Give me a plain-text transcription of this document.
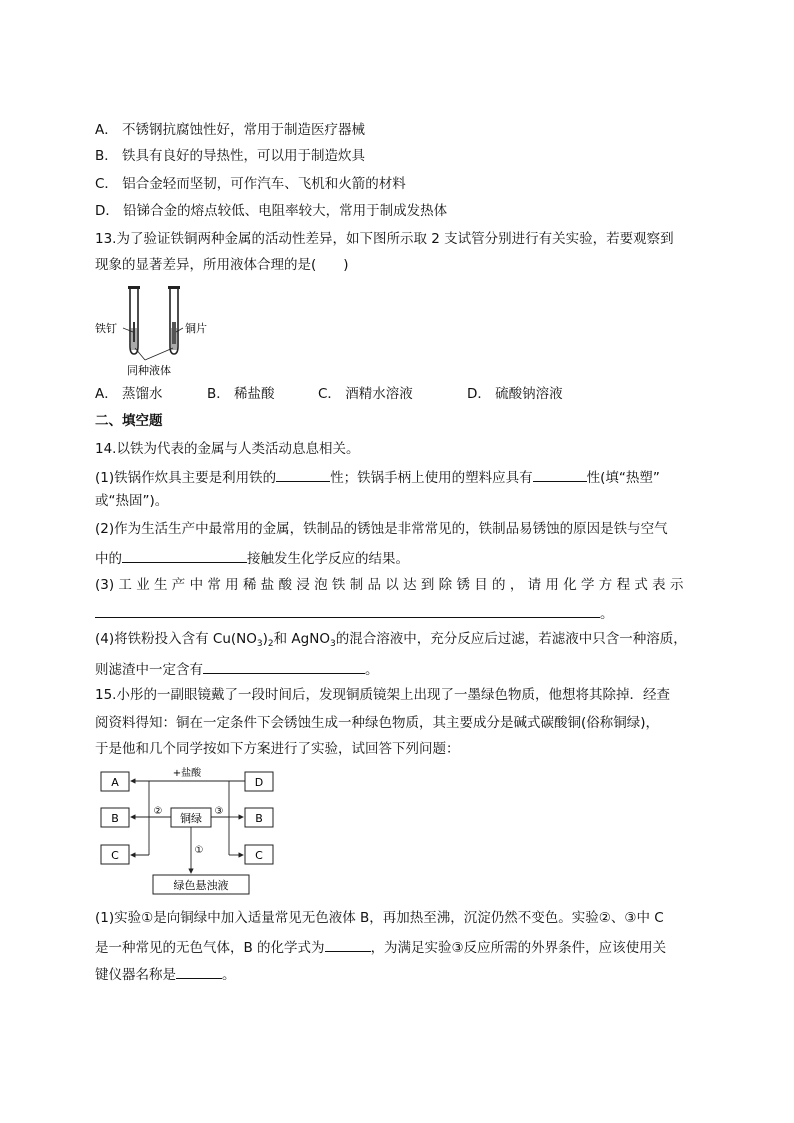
A． 不锈钢抗腐蚀性好，常用于制造医疗器械
B． 铁具有良好的导热性，可以用于制造炊具
C． 铝合金轻而坚韧，可作汽车、飞机和火箭的材料
D． 铅锑合金的熔点较低、电阻率较大，常用于制成发热体
13.为了验证铁铜两种金属的活动性差异，如下图所示取 2 支试管分别进行有关实验，若要观察到
现象的显著差异，所用液体合理的是(　　)
铁钉	铜片
同种液体
A． 蒸馏水	B． 稀盐酸	C． 酒精水溶液	D． 硫酸钠溶液
二、填空题
14.以铁为代表的金属与人类活动息息相关。
(1)铁锅作炊具主要是利用铁的	性；铁锅手柄上使用的塑料应具有	性(填“热塑”
或“热固”)。
(2)作为生活生产中最常用的金属，铁制品的锈蚀是非常常见的，铁制品易锈蚀的原因是铁与空气
中的	接触发生化学反应的结果。
(3) 工 业 生 产 中 常 用 稀 盐 酸 浸 泡 铁 制 品 以 达 到 除 锈 目 的 ， 请 用 化 学 方 程 式 表 示
。
(4)将铁粉投入含有 $Cu(NO_3)_2$和 AgNO$_3$的混合溶液中，充分反应后过滤，若滤液中只含一种溶质，
则滤渣中一定含有	。
15.小彤的一副眼镜戴了一段时间后，发现铜质镜架上出现了一墨绿色物质，他想将其除掉．经查
阅资料得知：铜在一定条件下会锈蚀生成一种绿色物质，其主要成分是碱式碳酸铜(俗称铜绿)，
于是他和几个同学按如下方案进行了实验，试回答下列问题：
A
B
C
D
B
C
铜绿
绿色悬浊液
+盐酸
②	③
①
(1)实验①是向铜绿中加入适量常见无色液体 B，再加热至沸，沉淀仍然不变色。实验②、③中 C
是一种常见的无色气体，B 的化学式为	，为满足实验③反应所需的外界条件，应该使用关
键仪器名称是	。
